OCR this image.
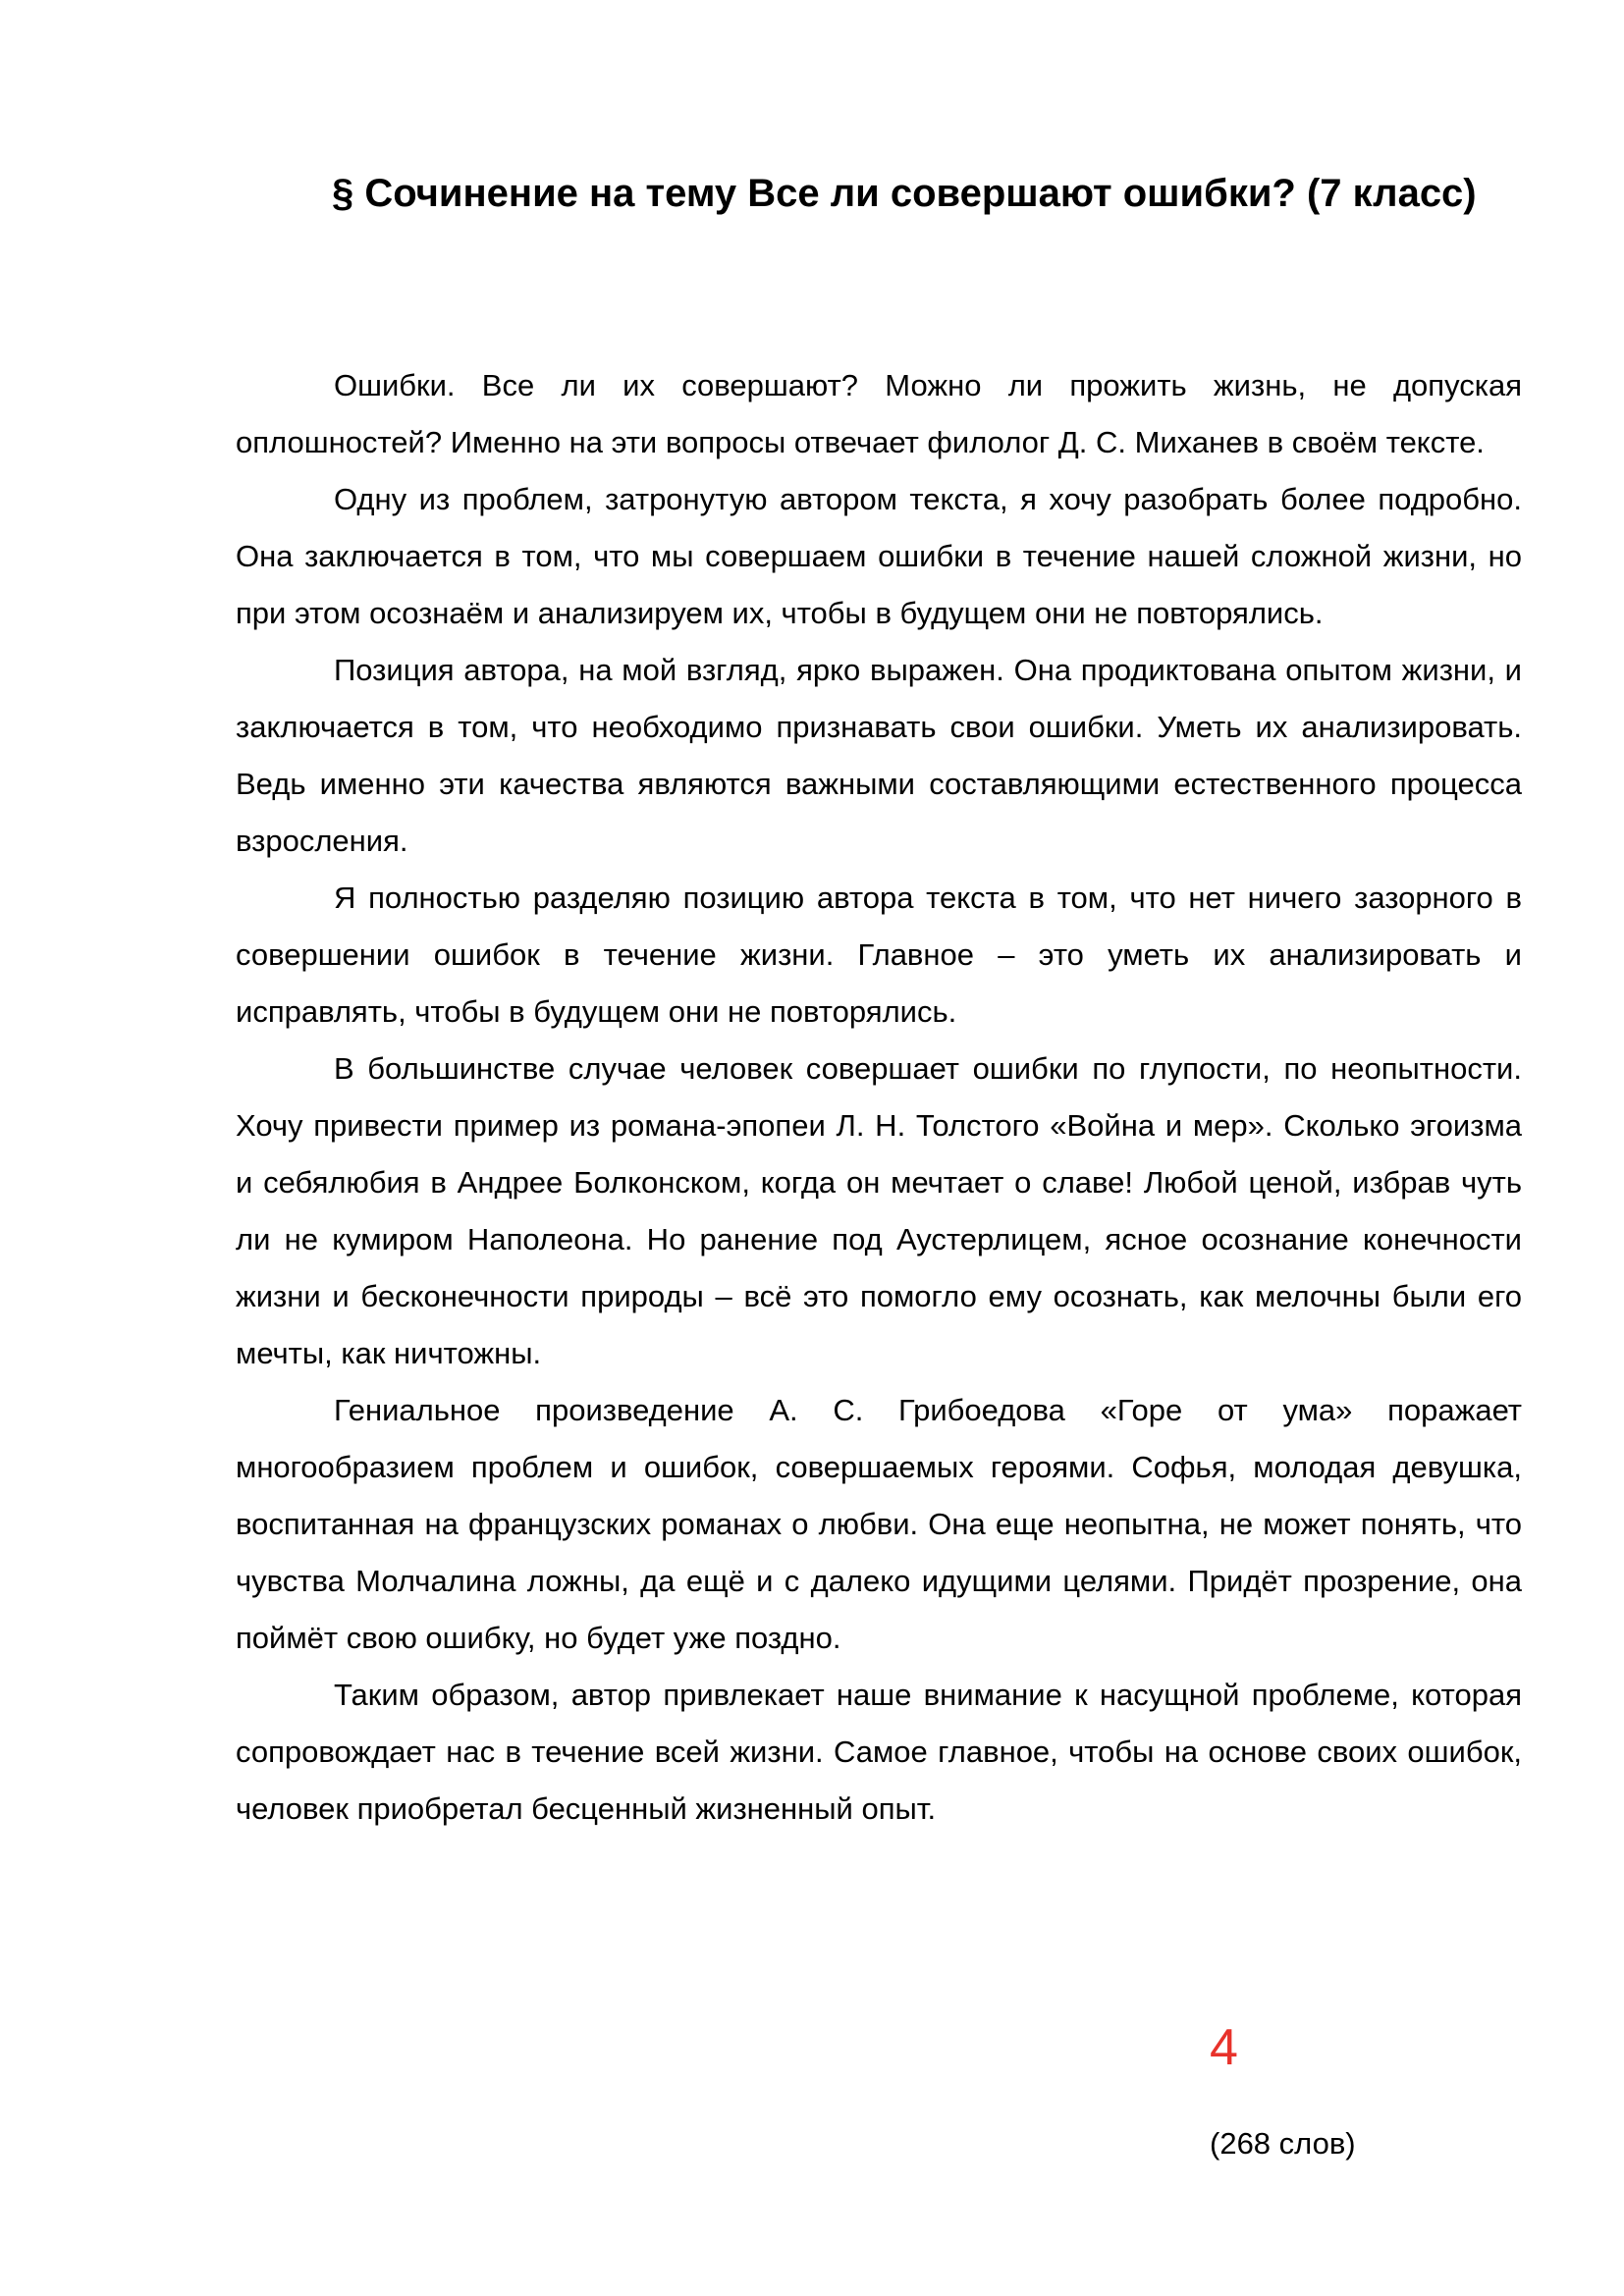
§ Сочинение на тему Все ли совершают ошибки? (7 класс)

Ошибки. Все ли их совершают? Можно ли прожить жизнь, не допуская оплошностей? Именно на эти вопросы отвечает филолог Д. С. Миханев в своём тексте.

Одну из проблем, затронутую автором текста, я хочу разобрать более подробно. Она заключается в том, что мы совершаем ошибки в течение нашей сложной жизни, но при этом осознаём и анализируем их, чтобы в будущем они не повторялись.

Позиция автора, на мой взгляд, ярко выражен. Она продиктована опытом жизни, и заключается в том, что необходимо признавать свои ошибки. Уметь их анализировать. Ведь именно эти качества являются важными составляющими естественного процесса взросления.

Я полностью разделяю позицию автора текста в том, что нет ничего зазорного в совершении ошибок в течение жизни. Главное – это уметь их анализировать и исправлять, чтобы в будущем они не повторялись.

В большинстве случае человек совершает ошибки по глупости, по неопытности. Хочу привести пример из романа-эпопеи Л. Н. Толстого «Война и мер». Сколько эгоизма и себялюбия в Андрее Болконском, когда он мечтает о славе! Любой ценой, избрав чуть ли не кумиром Наполеона. Но ранение под Аустерлицем, ясное осознание конечности жизни и бесконечности природы – всё это помогло ему осознать, как мелочны были его мечты, как ничтожны.

Гениальное произведение А. С. Грибоедова «Горе от ума» поражает многообразием проблем и ошибок, совершаемых героями. Софья, молодая девушка, воспитанная на французских романах о любви. Она еще неопытна, не может понять, что чувства Молчалина ложны, да ещё и с далеко идущими целями. Придёт прозрение, она поймёт свою ошибку, но будет уже поздно.

Таким образом, автор привлекает наше внимание к насущной проблеме, которая сопровождает нас в течение всей жизни. Самое главное, чтобы на основе своих ошибок, человек приобретал бесценный жизненный опыт.

4
(268 слов)
